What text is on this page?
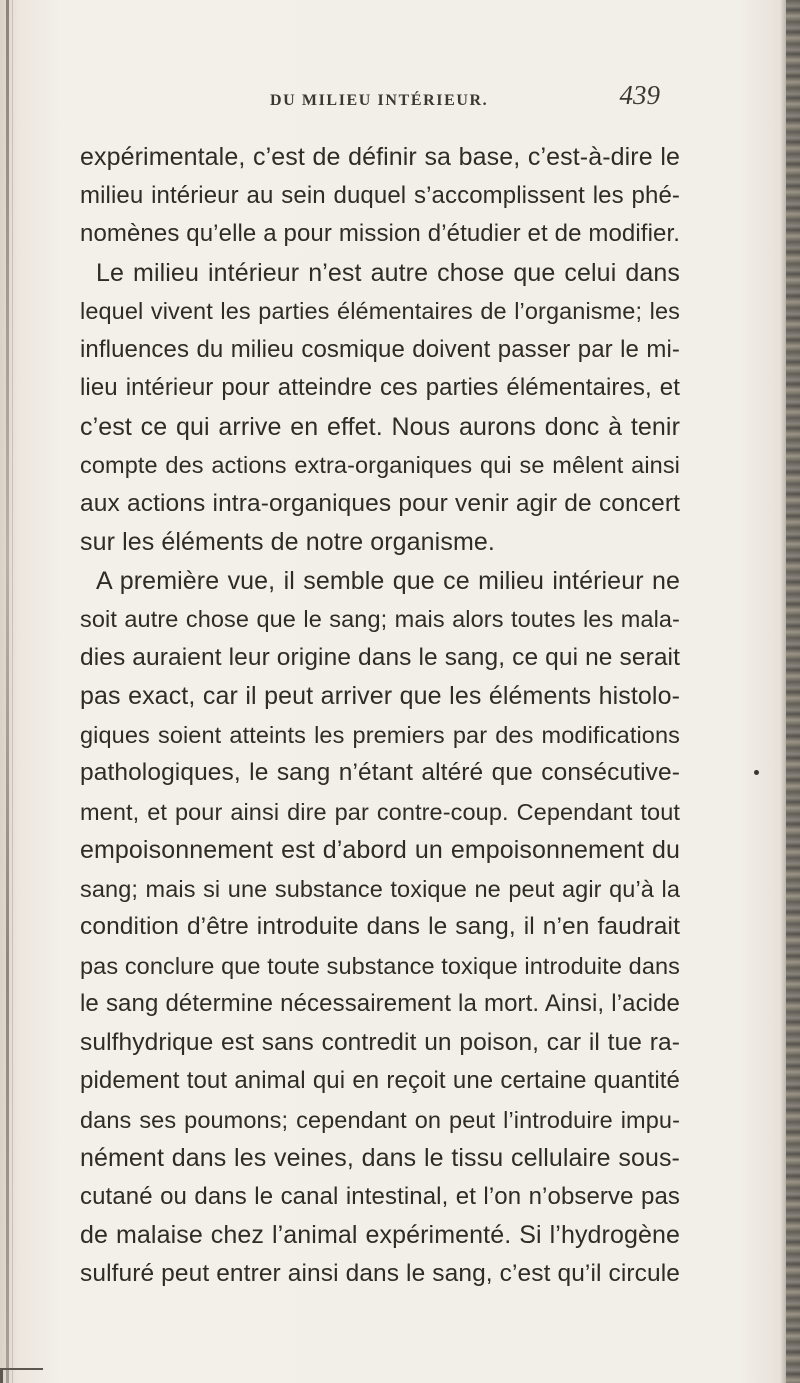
DU MILIEU INTÉRIEUR.	439
expérimentale, c’est de définir sa base, c’est-à-dire le
milieu intérieur au sein duquel s’accomplissent les phé-
nomènes qu’elle a pour mission d’étudier et de modifier.
Le milieu intérieur n’est autre chose que celui dans
lequel vivent les parties élémentaires de l’organisme; les
influences du milieu cosmique doivent passer par le mi-
lieu intérieur pour atteindre ces parties élémentaires, et
c’est ce qui arrive en effet. Nous aurons donc à tenir
compte des actions extra-organiques qui se mêlent ainsi
aux actions intra-organiques pour venir agir de concert
sur les éléments de notre organisme.
A première vue, il semble que ce milieu intérieur ne
soit autre chose que le sang; mais alors toutes les mala-
dies auraient leur origine dans le sang, ce qui ne serait
pas exact, car il peut arriver que les éléments histolo-
giques soient atteints les premiers par des modifications
pathologiques, le sang n’étant altéré que consécutive-
ment, et pour ainsi dire par contre-coup. Cependant tout
empoisonnement est d’abord un empoisonnement du
sang; mais si une substance toxique ne peut agir qu’à la
condition d’être introduite dans le sang, il n’en faudrait
pas conclure que toute substance toxique introduite dans
le sang détermine nécessairement la mort. Ainsi, l’acide
sulfhydrique est sans contredit un poison, car il tue ra-
pidement tout animal qui en reçoit une certaine quantité
dans ses poumons; cependant on peut l’introduire impu-
nément dans les veines, dans le tissu cellulaire sous-
cutané ou dans le canal intestinal, et l’on n’observe pas
de malaise chez l’animal expérimenté. Si l’hydrogène
sulfuré peut entrer ainsi dans le sang, c’est qu’il circule
